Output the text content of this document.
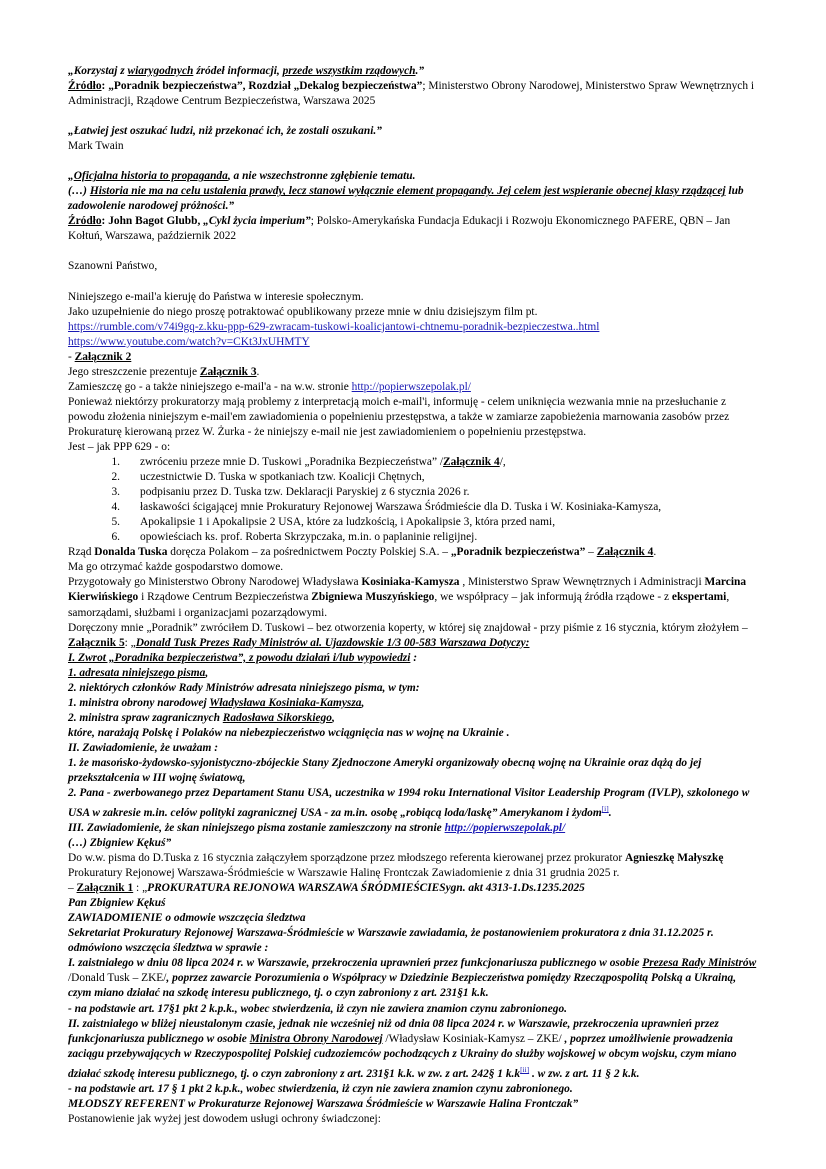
„Korzystaj z wiarygodnych źródeł informacji, przede wszystkim rządowych.”

Źródło: „Poradnik bezpieczeństwa”, Rozdział „Dekalog bezpieczeństwa”; Ministerstwo Obrony Narodowej, Ministerstwo Spraw Wewnętrznych i Administracji, Rządowe Centrum Bezpieczeństwa, Warszawa 2025

„Łatwiej jest oszukać ludzi, niż przekonać ich, że zostali oszukani.”

Mark Twain

„Oficjalna historia to propaganda, a nie wszechstronne zgłębienie tematu.

(…) Historia nie ma na celu ustalenia prawdy, lecz stanowi wyłącznie element propagandy. Jej celem jest wspieranie obecnej klasy rządzącej lub zadowolenie narodowej próżności.”

Źródło: John Bagot Glubb, „Cykl życia imperium”; Polsko-Amerykańska Fundacja Edukacji i Rozwoju Ekonomicznego PAFERE, QBN – Jan Kołtuń, Warszawa, październik 2022

Szanowni Państwo,

Niniejszego e-mail'a kieruję do Państwa w interesie społecznym.

Jako uzupełnienie do niego proszę potraktować opublikowany przeze mnie w dniu dzisiejszym film pt.

https://rumble.com/v74i9gq-z.kku-ppp-629-zwracam-tuskowi-koalicjantowi-chtnemu-poradnik-bezpieczestwa..html

https://www.youtube.com/watch?v=CKt3JxUHMTY

- Załącznik 2

Jego streszczenie prezentuje Załącznik 3.

Zamieszczę go - a także niniejszego e-mail'a - na w.w. stronie http://popierwszepolak.pl/

Ponieważ niektórzy prokuratorzy mają problemy z interpretacją moich e-mail'i, informuję - celem uniknięcia wezwania mnie na przesłuchanie z powodu złożenia niniejszym e-mail'em zawiadomienia o popełnieniu przestępstwa, a także w zamiarze zapobieżenia marnowania zasobów przez Prokuraturę kierowaną przez W. Żurka - że niniejszy e-mail nie jest zawiadomieniem o popełnieniu przestępstwa.

Jest – jak PPP 629 - o:

1. zwróceniu przeze mnie D. Tuskowi „Poradnika Bezpieczeństwa” /Załącznik 4/,
2. uczestnictwie D. Tuska w spotkaniach tzw. Koalicji Chętnych,
3. podpisaniu przez D. Tuska tzw. Deklaracji Paryskiej z 6 stycznia 2026 r.
4. łaskawości ścigającej mnie Prokuratury Rejonowej Warszawa Śródmieście dla D. Tuska i W. Kosiniaka-Kamysza,
5. Apokalipsie 1 i Apokalipsie 2 USA, które za ludzkością, i Apokalipsie 3, która przed nami,
6. opowieściach ks. prof. Roberta Skrzypczaka, m.in. o paplaninie religijnej.

Rząd Donalda Tuska doręcza Polakom – za pośrednictwem Poczty Polskiej S.A. – „Poradnik bezpieczeństwa” – Załącznik 4.

Ma go otrzymać każde gospodarstwo domowe.

Przygotowały go Ministerstwo Obrony Narodowej Władysława Kosiniaka-Kamysza , Ministerstwo Spraw Wewnętrznych i Administracji Marcina Kierwińskiego i Rządowe Centrum Bezpieczeństwa Zbigniewa Muszyńskiego, we współpracy – jak informują źródła rządowe - z ekspertami, samorządami, służbami i organizacjami pozarządowymi.

Doręczony mnie „Poradnik” zwróciłem D. Tuskowi – bez otworzenia koperty, w której się znajdował - przy piśmie z 16 stycznia, którym złożyłem – Załącznik 5: „Donald Tusk Prezes Rady Ministrów al. Ujazdowskie 1/3 00-583 Warszawa Dotyczy:

I. Zwrot „Poradnika bezpieczeństwa”, z powodu działań i/lub wypowiedzi :

1. adresata niniejszego pisma,

2. niektórych członków Rady Ministrów adresata niniejszego pisma, w tym:

1. ministra obrony narodowej Władysława Kosiniaka-Kamysza,

2. ministra spraw zagranicznych Radosława Sikorskiego,

które, narażają Polskę i Polaków na niebezpieczeństwo wciągnięcia nas w wojnę na Ukrainie .

II. Zawiadomienie, że uważam :

1. że masońsko-żydowsko-syjonistyczno-zbójeckie Stany Zjednoczone Ameryki organizowały obecną wojnę na Ukrainie oraz dążą do jej przekształcenia w III wojnę światową,

2. Pana - zwerbowanego przez Departament Stanu USA, uczestnika w 1994 roku International Visitor Leadership Program (IVLP), szkolonego w USA w zakresie m.in. celów polityki zagranicznej USA - za m.in. osobę „robiącą loda/laskę” Amerykanom i żydom[i].

III. Zawiadomienie, że skan niniejszego pisma zostanie zamieszczony na stronie http://popierwszepolak.pl/

(…) Zbigniew Kękuś”

Do w.w. pisma do D.Tuska z 16 stycznia załączyłem sporządzone przez młodszego referenta kierowanej przez prokurator Agnieszkę Małyszkę Prokuratury Rejonowej Warszawa-Śródmieście w Warszawie Halinę Frontczak Zawiadomienie z dnia 31 grudnia 2025 r.

– Załącznik 1 : „PROKURATURA REJONOWA WARSZAWA ŚRÓDMIEŚCIESygn. akt 4313-1.Ds.1235.2025

Pan Zbigniew Kękuś

ZAWIADOMIENIE o odmowie wszczęcia śledztwa

Sekretariat Prokuratury Rejonowej Warszawa-Śródmieście w Warszawie zawiadamia, że postanowieniem prokuratora z dnia 31.12.2025 r. odmówiono wszczęcia śledztwa w sprawie :

I. zaistniałego w dniu 08 lipca 2024 r. w Warszawie, przekroczenia uprawnień przez funkcjonariusza publicznego w osobie Prezesa Rady Ministrów /Donald Tusk – ZKE/, poprzez zawarcie Porozumienia o Współpracy w Dziedzinie Bezpieczeństwa pomiędzy Rzecząpospolitą Polską a Ukrainą, czym miano działać na szkodę interesu publicznego, tj. o czyn zabroniony z art. 231§1 k.k.

- na podstawie art. 17§1 pkt 2 k.p.k., wobec stwierdzenia, iż czyn nie zawiera znamion czynu zabronionego.

II. zaistniałego w bliżej nieustalonym czasie, jednak nie wcześniej niż od dnia 08 lipca 2024 r. w Warszawie, przekroczenia uprawnień przez funkcjonariusza publicznego w osobie Ministra Obrony Narodowej /Władysław Kosiniak-Kamysz – ZKE/ , poprzez umożliwienie prowadzenia zaciągu przebywających w Rzeczypospolitej Polskiej cudzoziemców pochodzących z Ukrainy do służby wojskowej w obcym wojsku, czym miano działać szkodę interesu publicznego, tj. o czyn zabroniony z art. 231§1 k.k. w zw. z art. 242§ 1 k.k[ii] . w zw. z art. 11 § 2 k.k.

- na podstawie art. 17 § 1 pkt 2 k.p.k., wobec stwierdzenia, iż czyn nie zawiera znamion czynu zabronionego.

MŁODSZY REFERENT w Prokuraturze Rejonowej Warszawa Śródmieście w Warszawie Halina Frontczak”

Postanowienie jak wyżej jest dowodem usługi ochrony świadczonej:
